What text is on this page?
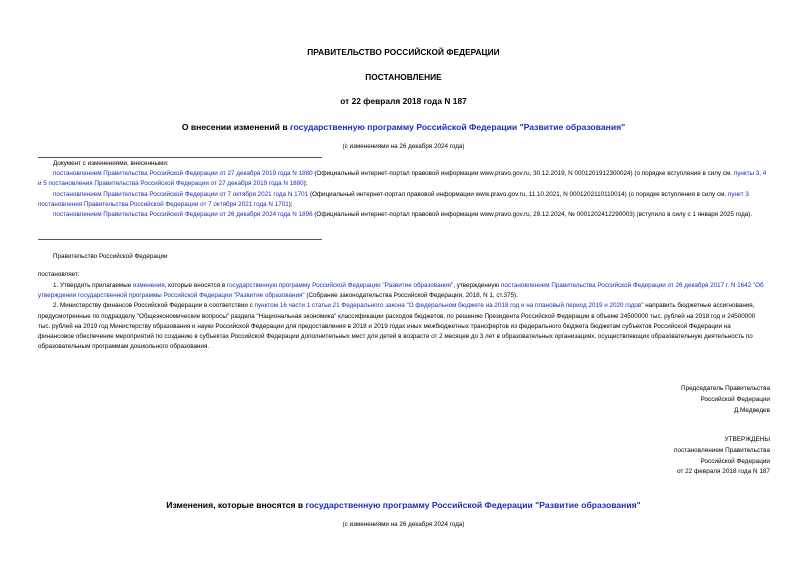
ПРАВИТЕЛЬСТВО РОССИЙСКОЙ ФЕДЕРАЦИИ
ПОСТАНОВЛЕНИЕ
от 22 февраля 2018 года N 187
О внесении изменений в государственную программу Российской Федерации "Развитие образования"
(с изменениями на 26 декабря 2024 года)

Документ с изменениями, внесенными:

постановлением Правительства Российской Федерации от 27 декабря 2019 года N 1880 (Официальный интернет-портал правовой информации www.pravo.gov.ru, 30.12.2019, N 0001201912300024) (о порядке вступления в силу см. пункты 3, 4 и 5 постановления Правительства Российской Федерации от 27 декабря 2019 года N 1880);

постановлением Правительства Российской Федерации от 7 октября 2021 года N 1701 (Официальный интернет-портал правовой информации www.pravo.gov.ru, 11.10.2021, N 0001202110110014) (о порядке вступления в силу см. пункт 3 постановления Правительства Российской Федерации от 7 октября 2021 года N 1701);

постановлением Правительства Российской Федерации от 26 декабря 2024 года N 1896 (Официальный интернет-портал правовой информации www.pravo.gov.ru, 29.12.2024, № 0001202412290003) (вступило в силу с 1 января 2025 года).

Правительство Российской Федерации
постановляет:

1. Утвердить прилагаемые изменения, которые вносятся в государственную программу Российской Федерации "Развитие образования", утвержденную постановлением Правительства Российской Федерации от 26 декабря 2017 г. N 1642 "Об утверждении государственной программы Российской Федерации "Развитие образования" (Собрание законодательства Российской Федерации, 2018, N 1, ст.375).

2. Министерству финансов Российской Федерации в соответствии с пунктом 16 части 1 статьи 21 Федерального закона "О федеральном бюджете на 2018 год и на плановый период 2019 и 2020 годов" направить бюджетные ассигнования, предусмотренные по подразделу "Общеэкономические вопросы" раздела "Национальная экономика" классификации расходов бюджетов, по решению Президента Российской Федерации в объеме 24500000 тыс. рублей на 2018 год и 24500000 тыс. рублей на 2019 год Министерству образования и науки Российской Федерации для предоставления в 2018 и 2019 годах иных межбюджетных трансфертов из федерального бюджета бюджетам субъектов Российской Федерации на финансовое обеспечение мероприятий по созданию в субъектах Российской Федерации дополнительных мест для детей в возрасте от 2 месяцев до 3 лет в образовательных организациях, осуществляющих образовательную деятельность по образовательным программам дошкольного образования.

Председатель Правительства
Российской Федерации
Д.Медведев
УТВЕРЖДЕНЫ
постановлением Правительства
Российской Федерации
от 22 февраля 2018 года N 187
Изменения, которые вносятся в государственную программу Российской Федерации "Развитие образования"
(с изменениями на 26 декабря 2024 года)
